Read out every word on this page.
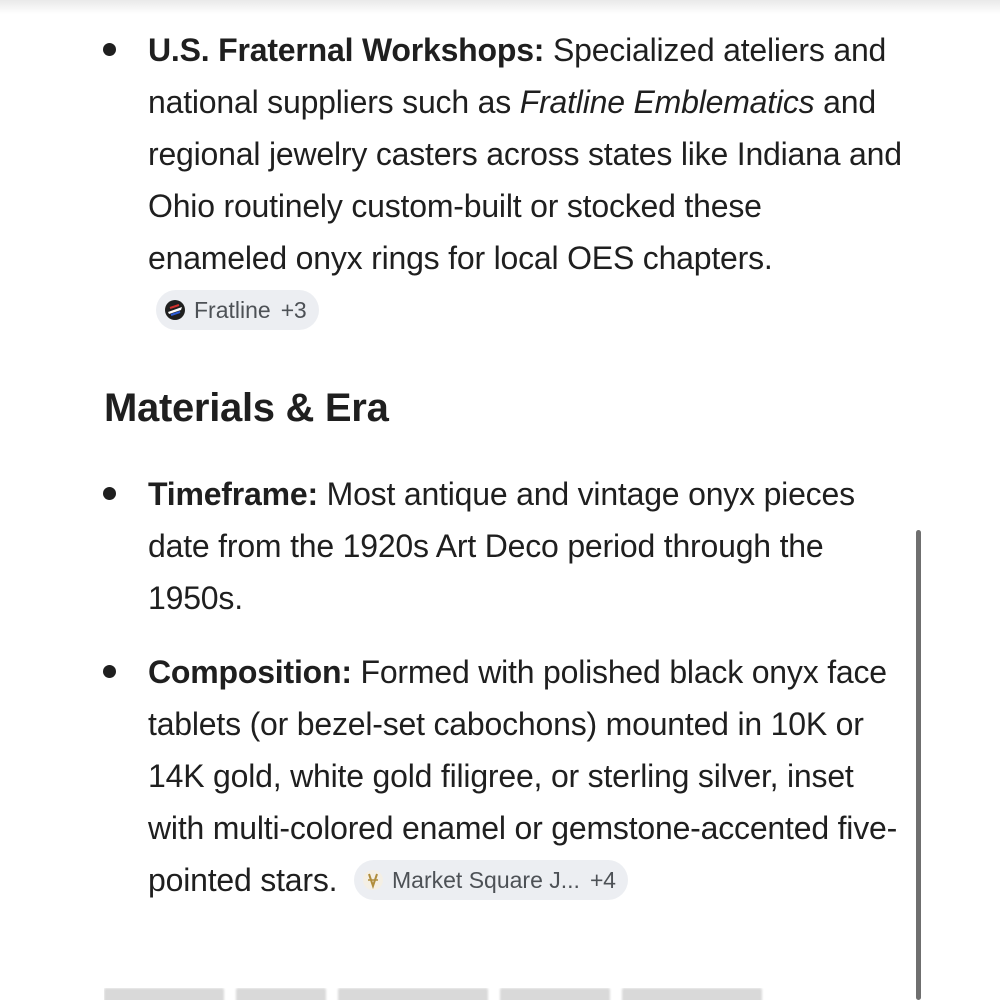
U.S. Fraternal Workshops: Specialized ateliers and national suppliers such as Fratline Emblematics and regional jewelry casters across states like Indiana and Ohio routinely custom-built or stocked these enameled onyx rings for local OES chapters.
Fratline +3
Materials & Era
Timeframe: Most antique and vintage onyx pieces date from the 1920s Art Deco period through the 1950s.
Composition: Formed with polished black onyx face tablets (or bezel-set cabochons) mounted in 10K or 14K gold, white gold filigree, or sterling silver, inset with multi-colored enamel or gemstone-accented five-pointed stars. Market Square J... +4
